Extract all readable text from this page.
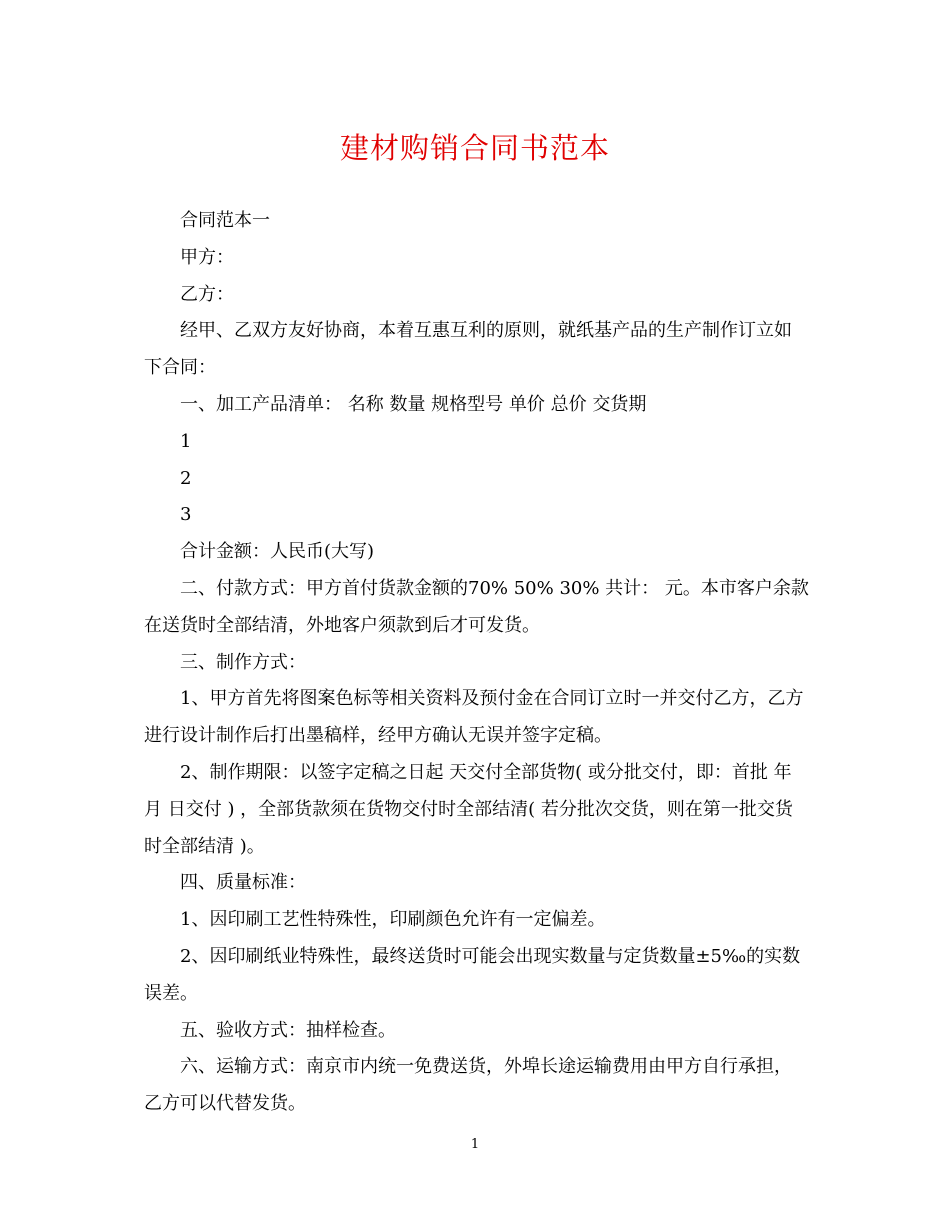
建材购销合同书范本

合同范本一

甲方：

乙方：

经甲、乙双方友好协商，本着互惠互利的原则，就纸基产品的生产制作订立如下合同：

一、加工产品清单： 名称 数量 规格型号 单价 总价 交货期

1

2

3

合计金额：人民币(大写)

二、付款方式：甲方首付货款金额的70% 50% 30% 共计： 元。本市客户余款在送货时全部结清，外地客户须款到后才可发货。

三、制作方式：

1、甲方首先将图案色标等相关资料及预付金在合同订立时一并交付乙方，乙方进行设计制作后打出墨稿样，经甲方确认无误并签字定稿。

2、制作期限：以签字定稿之日起 天交付全部货物( 或分批交付，即：首批 年 月 日交付 ) ，全部货款须在货物交付时全部结清( 若分批次交货，则在第一批交货时全部结清 )。

四、质量标准：

1、因印刷工艺性特殊性，印刷颜色允许有一定偏差。

2、因印刷纸业特殊性，最终送货时可能会出现实数量与定货数量±5‰的实数误差。

五、验收方式：抽样检查。

六、运输方式：南京市内统一免费送货，外埠长途运输费用由甲方自行承担，乙方可以代替发货。

1
